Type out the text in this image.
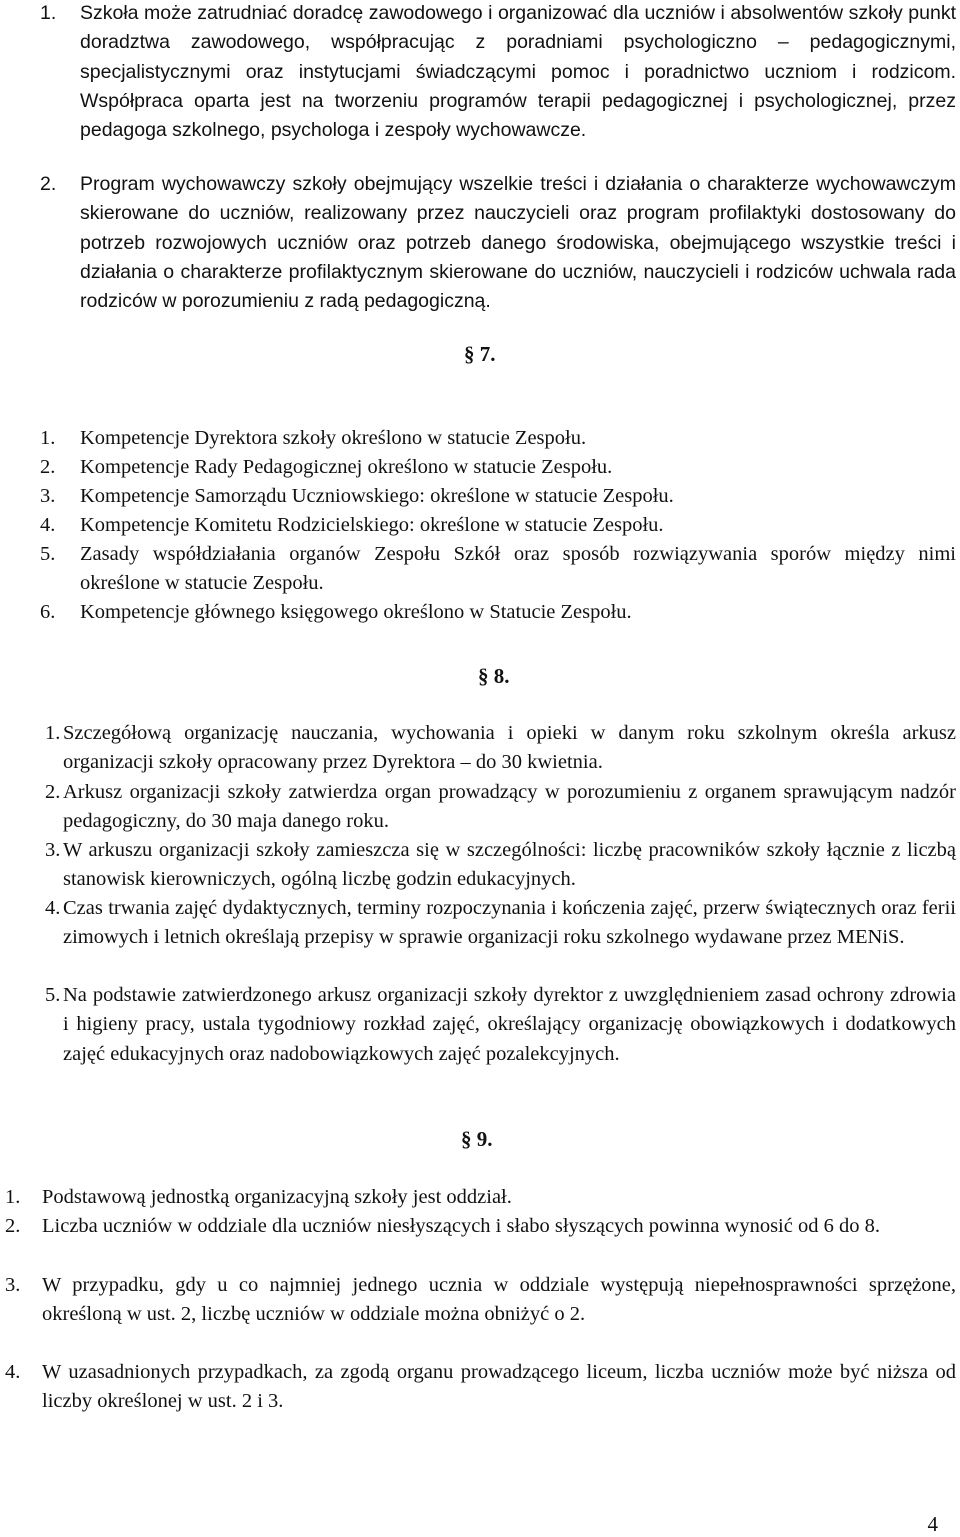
1. Szkoła może zatrudniać doradcę zawodowego i organizować dla uczniów i absolwentów szkoły punkt doradztwa zawodowego, współpracując z poradniami psychologiczno – pedagogicznymi, specjalistycznymi oraz instytucjami świadczącymi pomoc i poradnictwo uczniom i rodzicom. Współpraca oparta jest na tworzeniu programów terapii pedagogicznej i psychologicznej, przez pedagoga szkolnego, psychologa i zespoły wychowawcze.

2. Program wychowawczy szkoły obejmujący wszelkie treści i działania o charakterze wychowawczym skierowane do uczniów, realizowany przez nauczycieli oraz program profilaktyki dostosowany do potrzeb rozwojowych uczniów oraz potrzeb danego środowiska, obejmującego wszystkie treści i działania o charakterze profilaktycznym skierowane do uczniów, nauczycieli i rodziców uchwala rada rodziców w porozumieniu z radą pedagogiczną.

§ 7.
1. Kompetencje Dyrektora szkoły określono w statucie Zespołu.

2. Kompetencje Rady Pedagogicznej określono w statucie Zespołu.

3. Kompetencje Samorządu Uczniowskiego: określone w statucie Zespołu.

4. Kompetencje Komitetu Rodzicielskiego: określone w statucie Zespołu.

5. Zasady współdziałania organów Zespołu Szkół oraz sposób rozwiązywania sporów między nimi określone w statucie Zespołu.

6. Kompetencje głównego księgowego określono w Statucie Zespołu.

§ 8.
1. Szczegółową organizację nauczania, wychowania i opieki w danym roku szkolnym określa arkusz organizacji szkoły opracowany przez Dyrektora – do 30 kwietnia.

2. Arkusz organizacji szkoły zatwierdza organ prowadzący w porozumieniu z organem sprawującym nadzór pedagogiczny, do 30 maja danego roku.

3. W arkuszu organizacji szkoły zamieszcza się w szczególności: liczbę pracowników szkoły łącznie z liczbą stanowisk kierowniczych, ogólną liczbę godzin edukacyjnych.

4. Czas trwania zajęć dydaktycznych, terminy rozpoczynania i kończenia zajęć, przerw świątecznych oraz ferii zimowych i letnich określają przepisy w sprawie organizacji roku szkolnego wydawane przez MENiS.

5. Na podstawie zatwierdzonego arkusz organizacji szkoły dyrektor z uwzględnieniem zasad ochrony zdrowia i higieny pracy, ustala tygodniowy rozkład zajęć, określający organizację obowiązkowych i dodatkowych zajęć edukacyjnych oraz nadobowiązkowych zajęć pozalekcyjnych.

§ 9.
1. Podstawową jednostką organizacyjną szkoły jest oddział.

2. Liczba uczniów w oddziale dla uczniów niesłyszących i słabo słyszących powinna wynosić od 6 do 8.

3. W przypadku, gdy u co najmniej jednego ucznia w oddziale występują niepełnosprawności sprzężone, określoną w ust. 2, liczbę uczniów w oddziale można obniżyć o 2.

4. W uzasadnionych przypadkach, za zgodą organu prowadzącego liceum, liczba uczniów może być niższa od liczby określonej w ust. 2 i 3.

4
